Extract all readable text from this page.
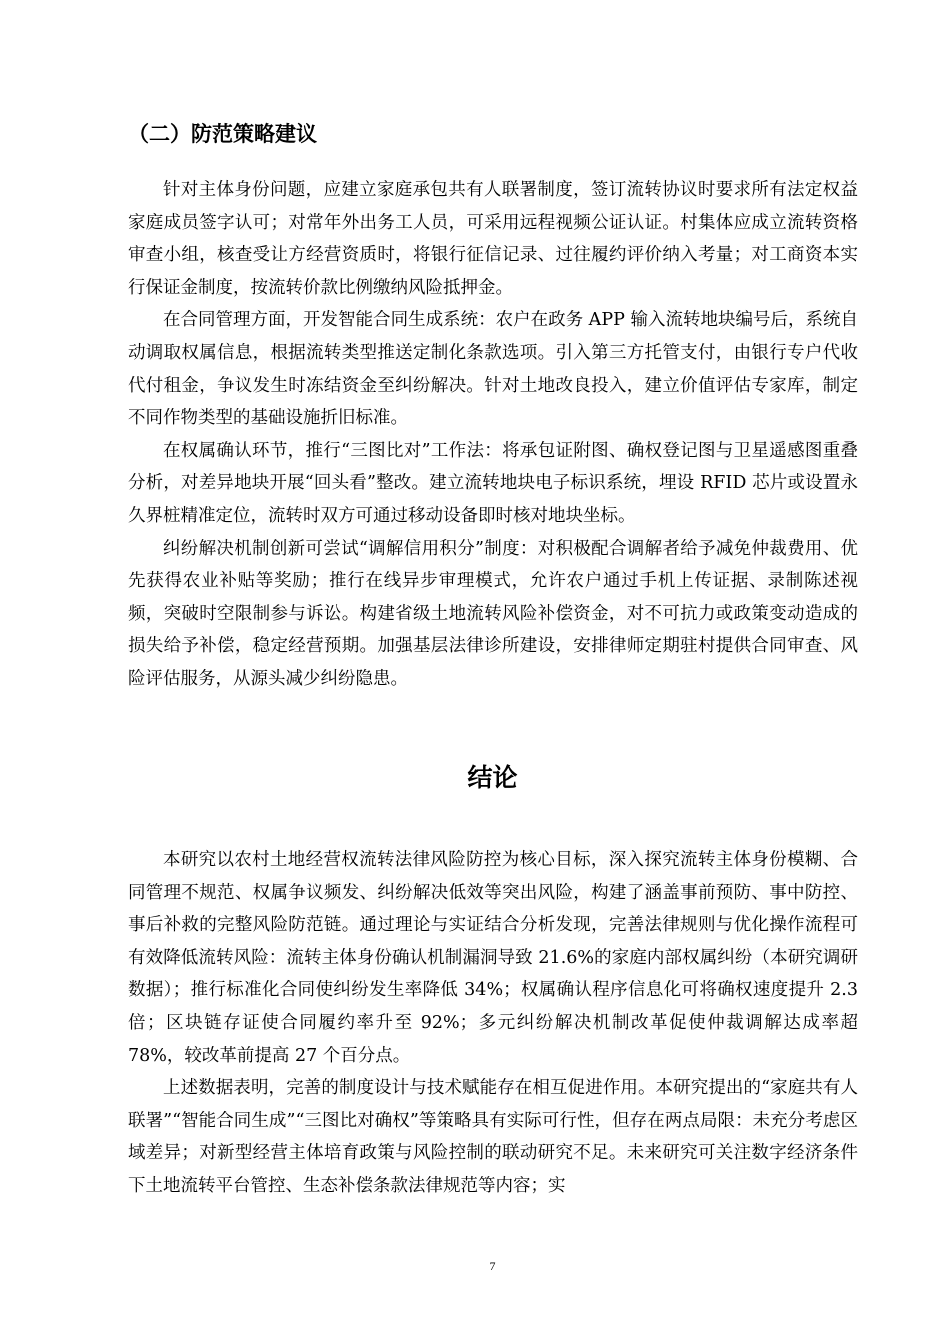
（二）防范策略建议

针对主体身份问题，应建立家庭承包共有人联署制度，签订流转协议时要求所有法定权益家庭成员签字认可；对常年外出务工人员，可采用远程视频公证认证。村集体应成立流转资格审查小组，核查受让方经营资质时，将银行征信记录、过往履约评价纳入考量；对工商资本实行保证金制度，按流转价款比例缴纳风险抵押金。

在合同管理方面，开发智能合同生成系统：农户在政务 APP 输入流转地块编号后，系统自动调取权属信息，根据流转类型推送定制化条款选项。引入第三方托管支付，由银行专户代收代付租金，争议发生时冻结资金至纠纷解决。针对土地改良投入，建立价值评估专家库，制定不同作物类型的基础设施折旧标准。

在权属确认环节，推行“三图比对”工作法：将承包证附图、确权登记图与卫星遥感图重叠分析，对差异地块开展“回头看”整改。建立流转地块电子标识系统，埋设 RFID 芯片或设置永久界桩精准定位，流转时双方可通过移动设备即时核对地块坐标。

纠纷解决机制创新可尝试“调解信用积分”制度：对积极配合调解者给予减免仲裁费用、优先获得农业补贴等奖励；推行在线异步审理模式，允许农户通过手机上传证据、录制陈述视频，突破时空限制参与诉讼。构建省级土地流转风险补偿资金，对不可抗力或政策变动造成的损失给予补偿，稳定经营预期。加强基层法律诊所建设，安排律师定期驻村提供合同审查、风险评估服务，从源头减少纠纷隐患。

结论

本研究以农村土地经营权流转法律风险防控为核心目标，深入探究流转主体身份模糊、合同管理不规范、权属争议频发、纠纷解决低效等突出风险，构建了涵盖事前预防、事中防控、事后补救的完整风险防范链。通过理论与实证结合分析发现，完善法律规则与优化操作流程可有效降低流转风险：流转主体身份确认机制漏洞导致 21.6%的家庭内部权属纠纷（本研究调研数据）；推行标准化合同使纠纷发生率降低 34%；权属确认程序信息化可将确权速度提升 2.3 倍；区块链存证使合同履约率升至 92%；多元纠纷解决机制改革促使仲裁调解达成率超 78%，较改革前提高 27 个百分点。

上述数据表明，完善的制度设计与技术赋能存在相互促进作用。本研究提出的“家庭共有人联署”“智能合同生成”“三图比对确权”等策略具有实际可行性，但存在两点局限：未充分考虑区域差异；对新型经营主体培育政策与风险控制的联动研究不足。未来研究可关注数字经济条件下土地流转平台管控、生态补偿条款法律规范等内容；实

7
